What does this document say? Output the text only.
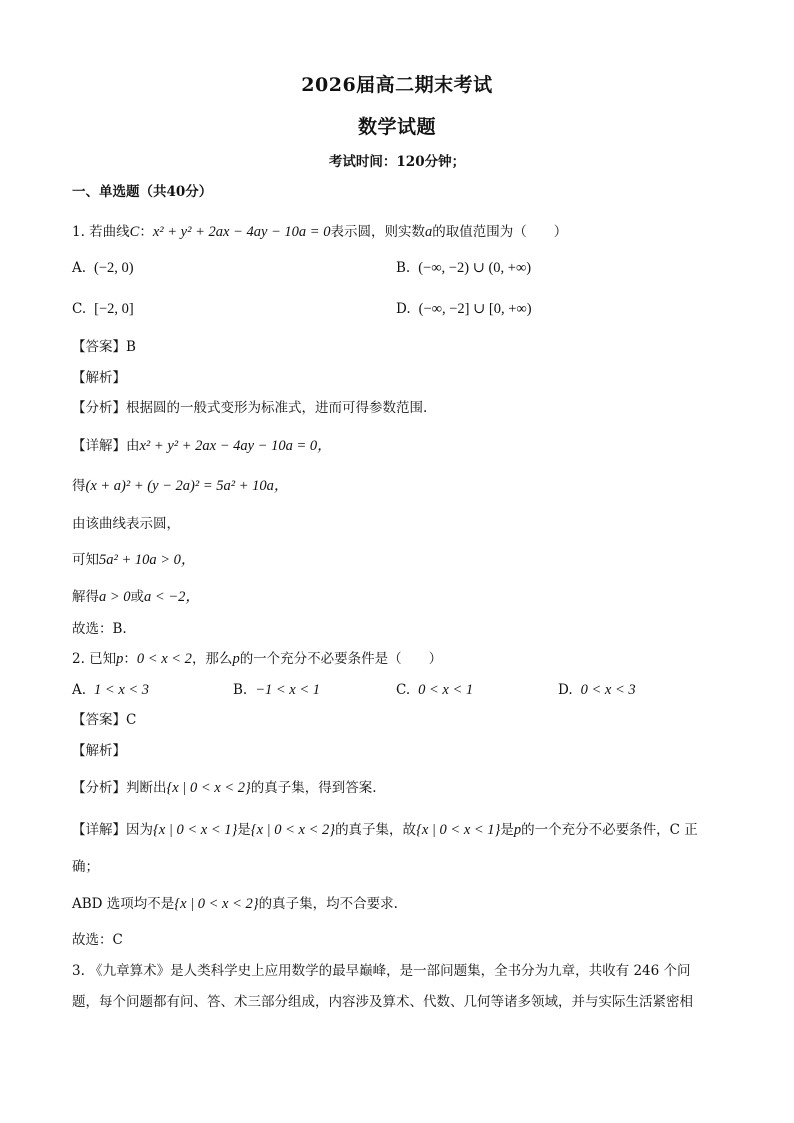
2026届高二期末考试
数学试题
考试时间：120分钟；
一、单选题（共40分）
1. 若曲线C：x² + y² + 2ax − 4ay − 10a = 0表示圆，则实数a的取值范围为（　　）
A. (−2, 0)	B. (−∞, −2) ∪ (0, +∞)
C. [−2, 0]	D. (−∞, −2] ∪ [0, +∞)
【答案】B
【解析】
【分析】根据圆的一般式变形为标准式，进而可得参数范围.
【详解】由x² + y² + 2ax − 4ay − 10a = 0，
得(x + a)² + (y − 2a)² = 5a² + 10a，
由该曲线表示圆，
可知5a² + 10a > 0，
解得a > 0或a < −2，
故选：B.
2. 已知p：0 < x < 2，那么p的一个充分不必要条件是（　　）
A. 1 < x < 3	B. −1 < x < 1	C. 0 < x < 1	D. 0 < x < 3
【答案】C
【解析】
【分析】判断出{x | 0 < x < 2}的真子集，得到答案.
【详解】因为{x | 0 < x < 1}是{x | 0 < x < 2}的真子集，故{x | 0 < x < 1}是p的一个充分不必要条件，C 正
确；
ABD 选项均不是{x | 0 < x < 2}的真子集，均不合要求.
故选：C
3. 《九章算术》是人类科学史上应用数学的最早巅峰，是一部问题集，全书分为九章，共收有 246 个问
题，每个问题都有问、答、术三部分组成，内容涉及算术、代数、几何等诸多领域，并与实际生活紧密相
